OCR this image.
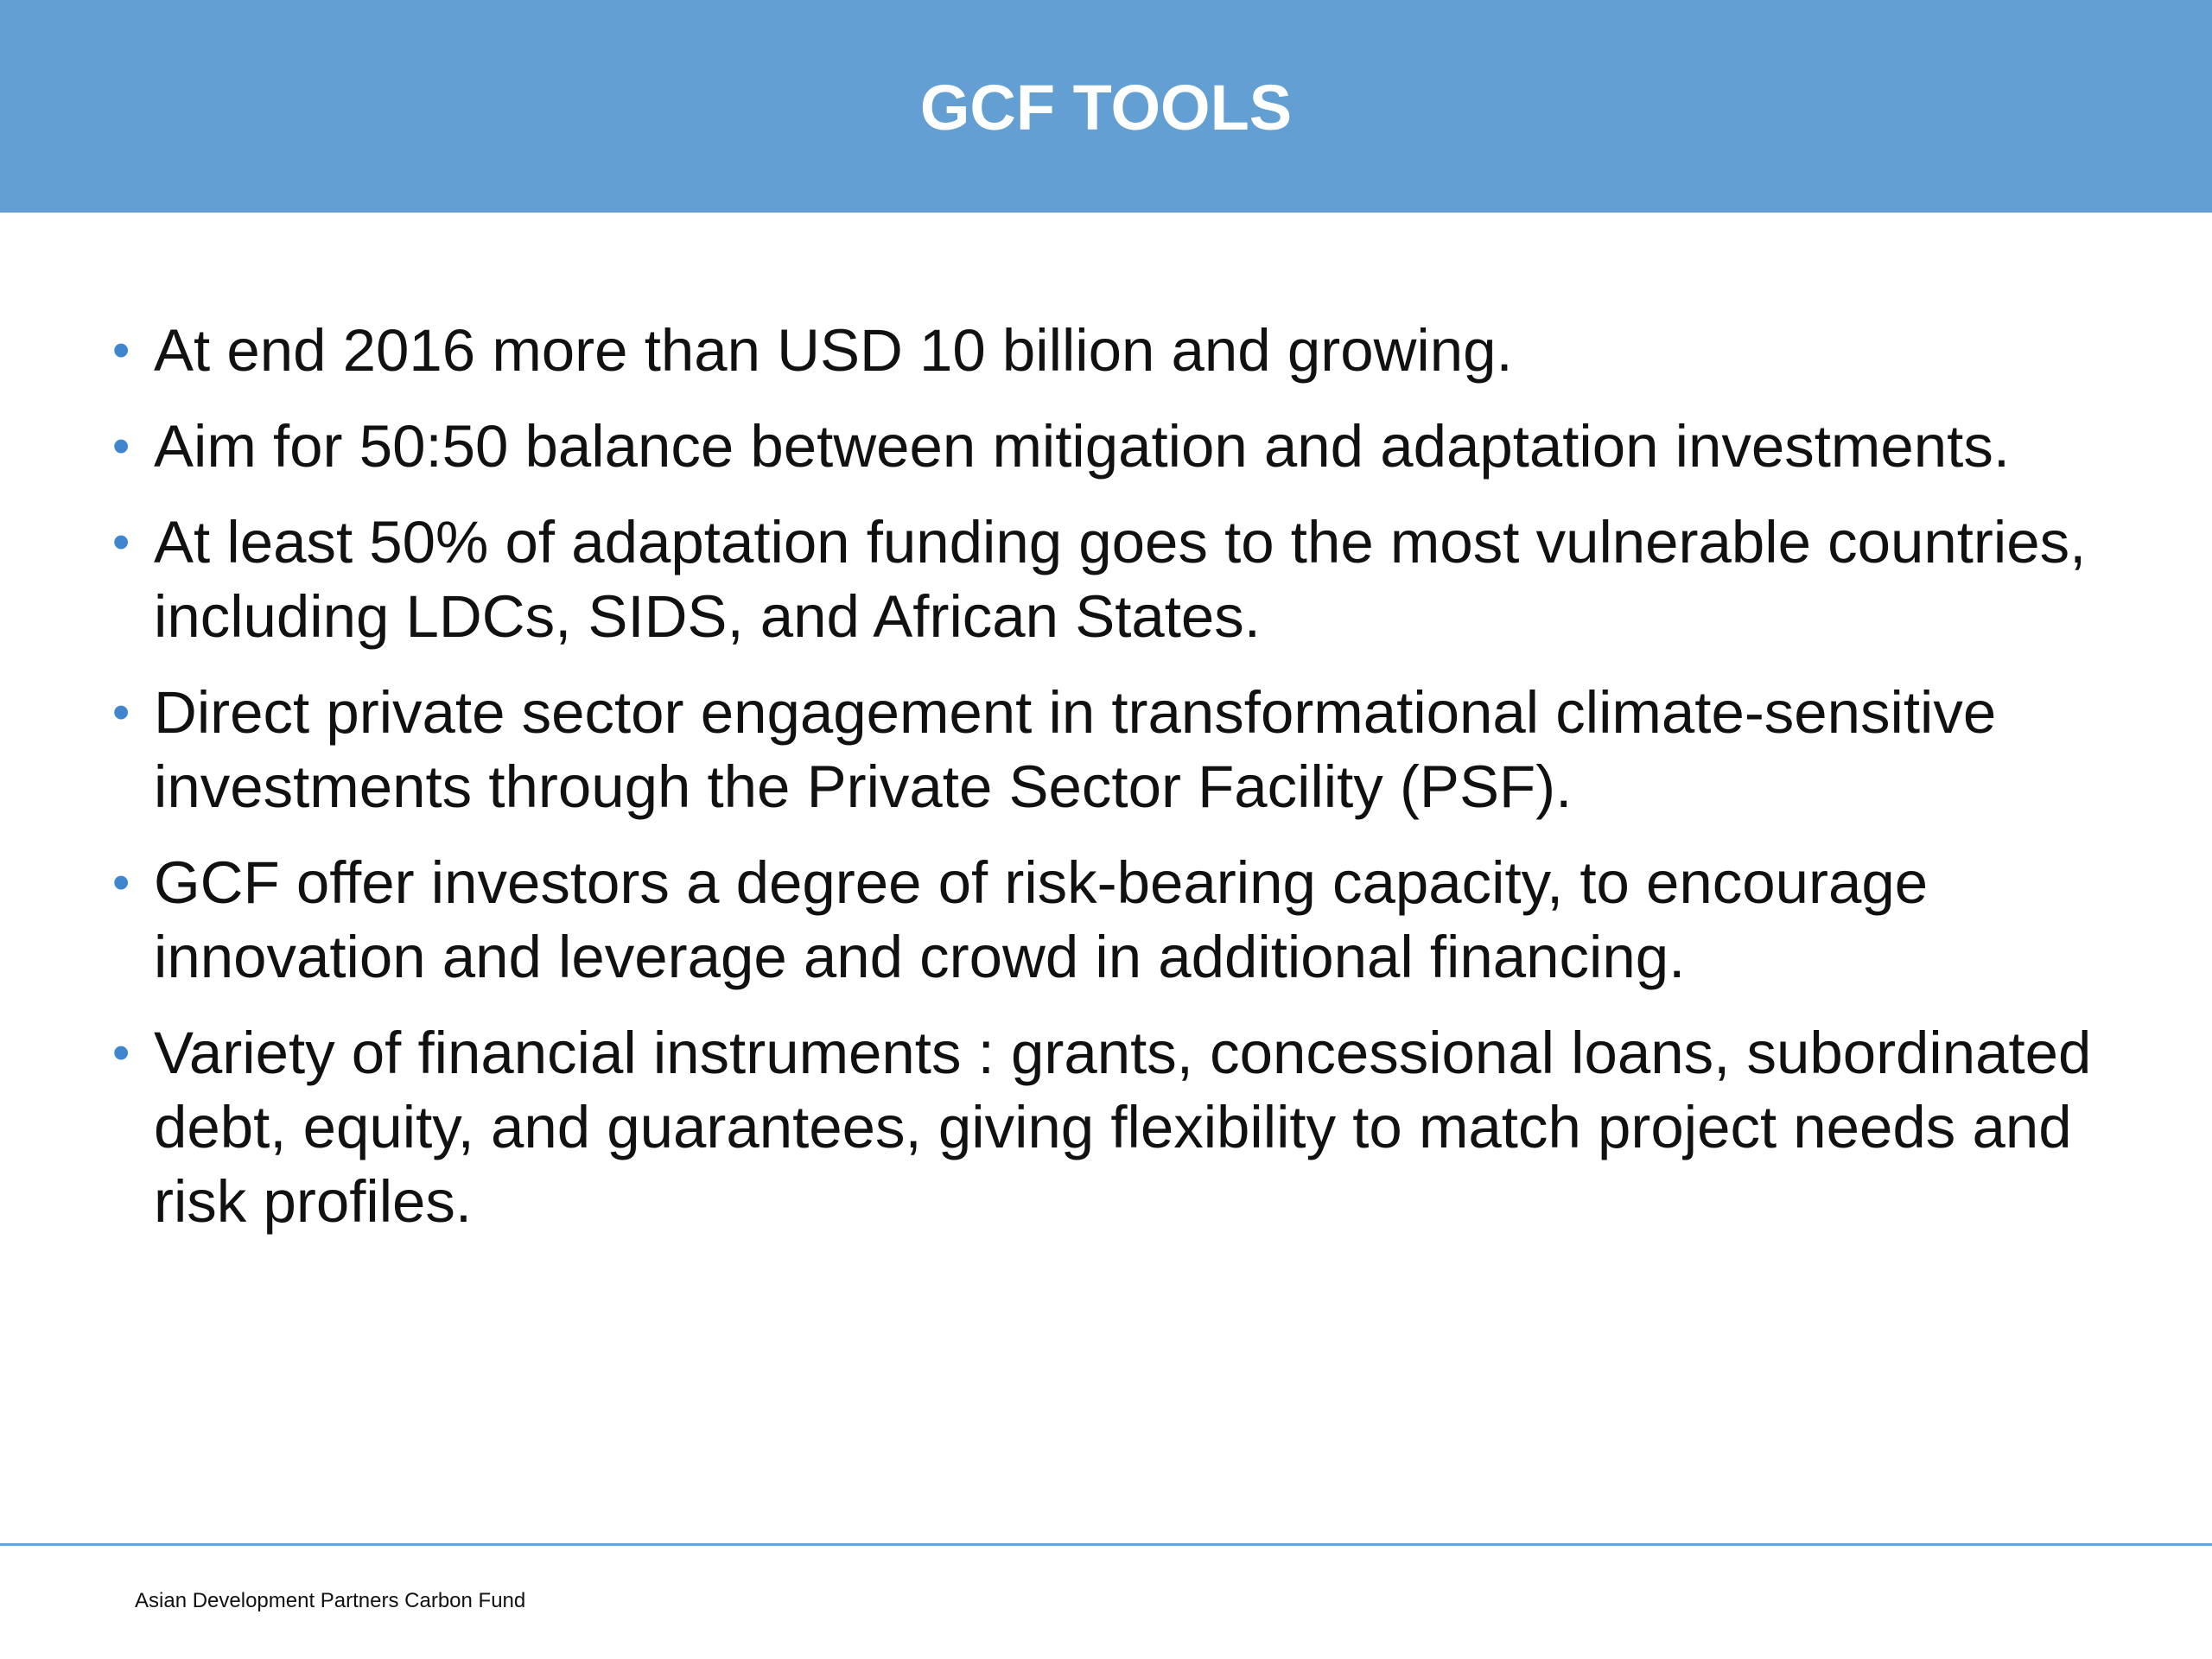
GCF TOOLS
• At end 2016 more than USD 10 billion and growing.
• Aim for 50:50 balance between mitigation and adaptation investments.
• At least 50% of adaptation funding goes to the most vulnerable countries, including LDCs, SIDS, and African States.
• Direct private sector engagement in transformational climate-sensitive investments through the Private Sector Facility (PSF).
• GCF offer investors a degree of risk-bearing capacity, to encourage innovation and leverage and crowd in additional financing.
• Variety of financial instruments : grants, concessional loans, subordinated debt, equity, and guarantees, giving flexibility to match project needs and risk profiles.
Asian Development Partners Carbon Fund
